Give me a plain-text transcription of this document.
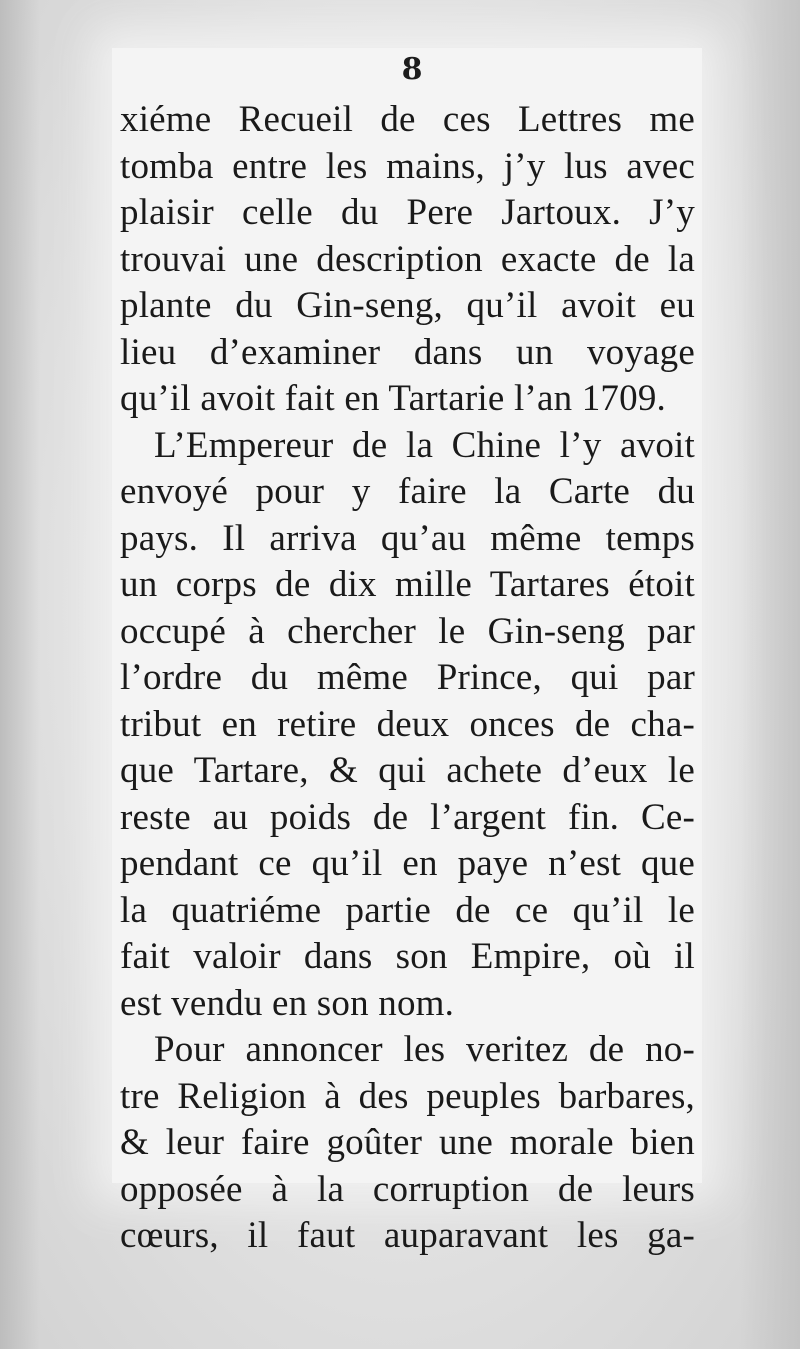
8
xiéme Recueil de ces Lettres me
tomba entre les mains, j’y lus avec
plaisir celle du Pere Jartoux. J’y
trouvai une description exacte de la
plante du Gin-seng, qu’il avoit eu
lieu d’examiner dans un voyage
qu’il avoit fait en Tartarie l’an 1709.
L’Empereur de la Chine l’y avoit
envoyé pour y faire la Carte du
pays. Il arriva qu’au même temps
un corps de dix mille Tartares étoit
occupé à chercher le Gin-seng par
l’ordre du même Prince, qui par
tribut en retire deux onces de cha-
que Tartare, & qui achete d’eux le
reste au poids de l’argent fin. Ce-
pendant ce qu’il en paye n’est que
la quatriéme partie de ce qu’il le
fait valoir dans son Empire, où il
est vendu en son nom.
Pour annoncer les veritez de no-
tre Religion à des peuples barbares,
& leur faire goûter une morale bien
opposée à la corruption de leurs
cœurs, il faut auparavant les ga-
